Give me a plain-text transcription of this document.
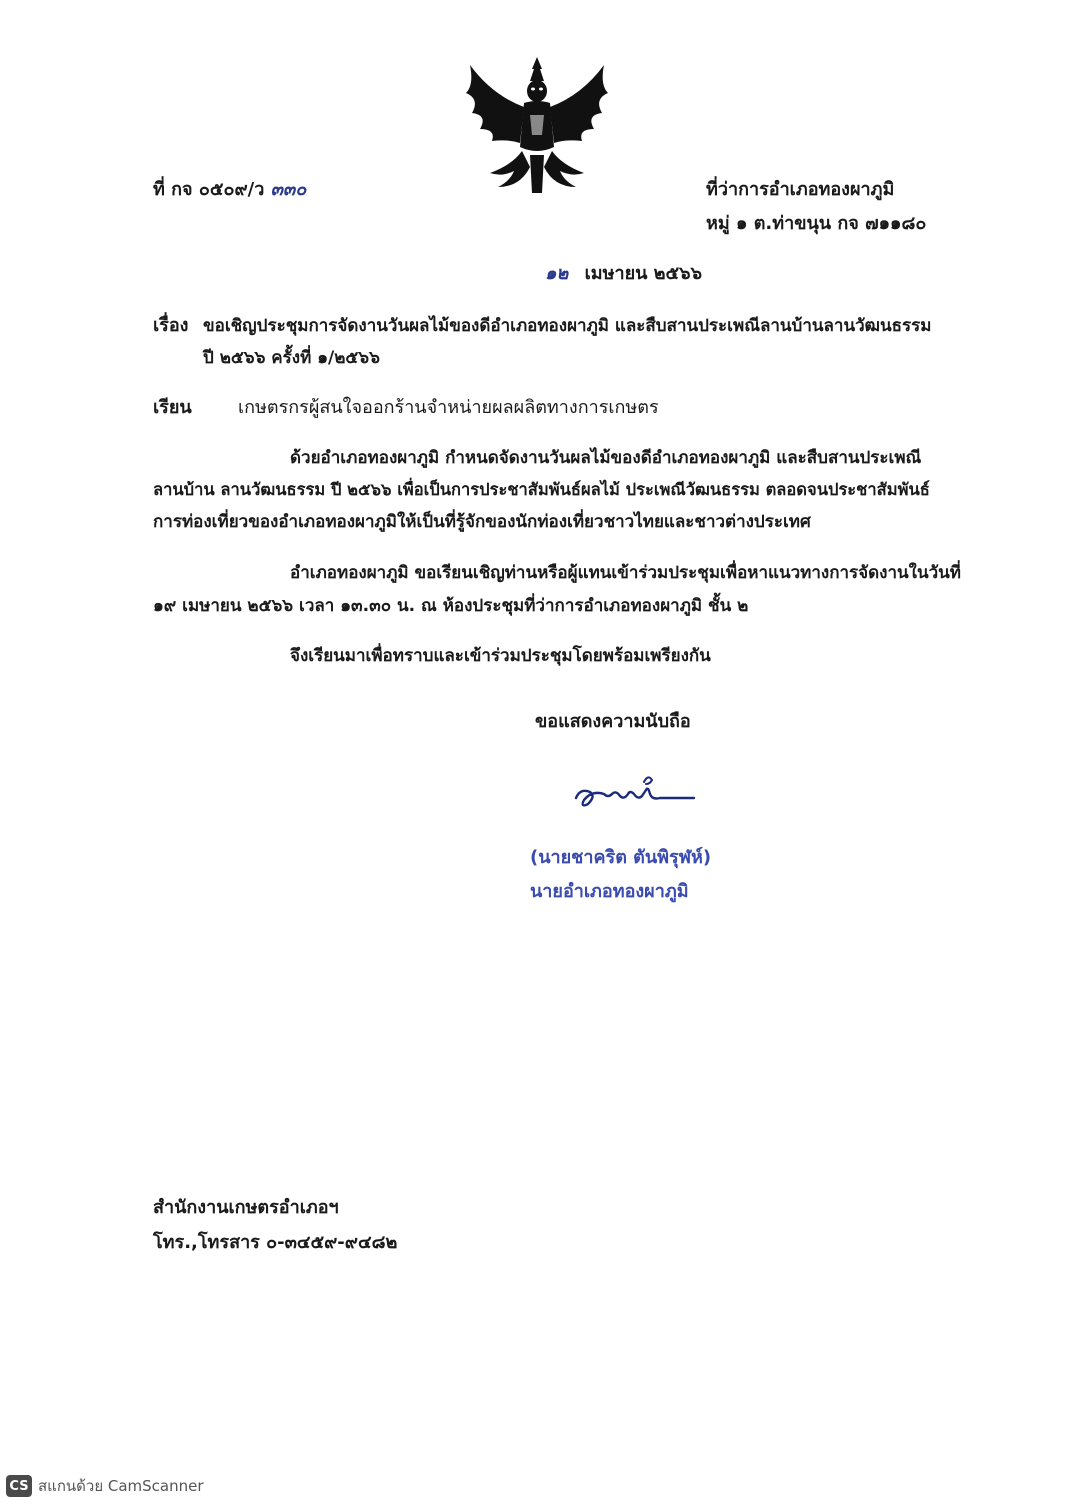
ที่ กจ ๐๕๐๙/ว ๓๓๐	ที่ว่าการอำเภอทองผาภูมิ
หมู่ ๑ ต.ท่าขนุน กจ ๗๑๑๘๐
๑๒ เมษายน ๒๕๖๖
เรื่อง ขอเชิญประชุมการจัดงานวันผลไม้ของดีอำเภอทองผาภูมิ และสืบสานประเพณีลานบ้านลานวัฒนธรรม
ปี ๒๕๖๖ ครั้งที่ ๑/๒๕๖๖
เรียน	เกษตรกรผู้สนใจออกร้านจำหน่ายผลผลิตทางการเกษตร
ด้วยอำเภอทองผาภูมิ กำหนดจัดงานวันผลไม้ของดีอำเภอทองผาภูมิ และสืบสานประเพณี
ลานบ้าน ลานวัฒนธรรม ปี ๒๕๖๖ เพื่อเป็นการประชาสัมพันธ์ผลไม้ ประเพณีวัฒนธรรม ตลอดจนประชาสัมพันธ์
การท่องเที่ยวของอำเภอทองผาภูมิให้เป็นที่รู้จักของนักท่องเที่ยวชาวไทยและชาวต่างประเทศ
อำเภอทองผาภูมิ ขอเรียนเชิญท่านหรือผู้แทนเข้าร่วมประชุมเพื่อหาแนวทางการจัดงานในวันที่
๑๙ เมษายน ๒๕๖๖ เวลา ๑๓.๓๐ น. ณ ห้องประชุมที่ว่าการอำเภอทองผาภูมิ ชั้น ๒
จึงเรียนมาเพื่อทราบและเข้าร่วมประชุมโดยพร้อมเพรียงกัน
ขอแสดงความนับถือ
(นายชาคริต ตันพิรุฬห์)
นายอำเภอทองผาภูมิ
สำนักงานเกษตรอำเภอฯ
โทร.,โทรสาร ๐-๓๔๕๙-๙๔๘๒
CS สแกนด้วย CamScanner
